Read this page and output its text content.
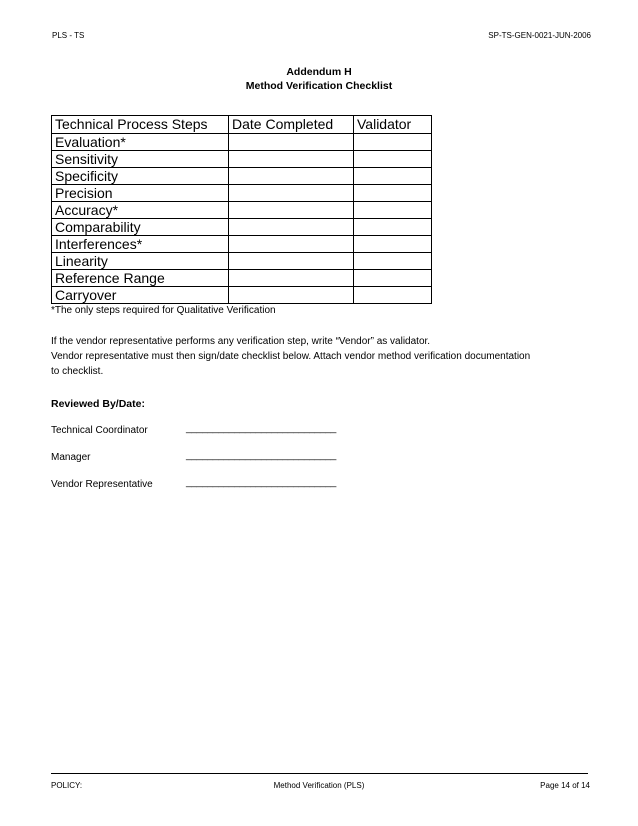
PLS - TS	SP-TS-GEN-0021-JUN-2006
Addendum H
Method Verification Checklist
Technical Process Steps	Date Completed	Validator
Evaluation*		
Sensitivity		
Specificity		
Precision		
Accuracy*		
Comparability		
Interferences*		
Linearity		
Reference Range		
Carryover		
*The only steps required for Qualitative Verification
If the vendor representative performs any verification step, write “Vendor” as validator.
Vendor representative must then sign/date checklist below. Attach vendor method verification documentation
to checklist.
Reviewed By/Date:
Technical Coordinator	____________________________
Manager	____________________________
Vendor Representative	____________________________
POLICY:	Method Verification (PLS)	Page 14 of 14
